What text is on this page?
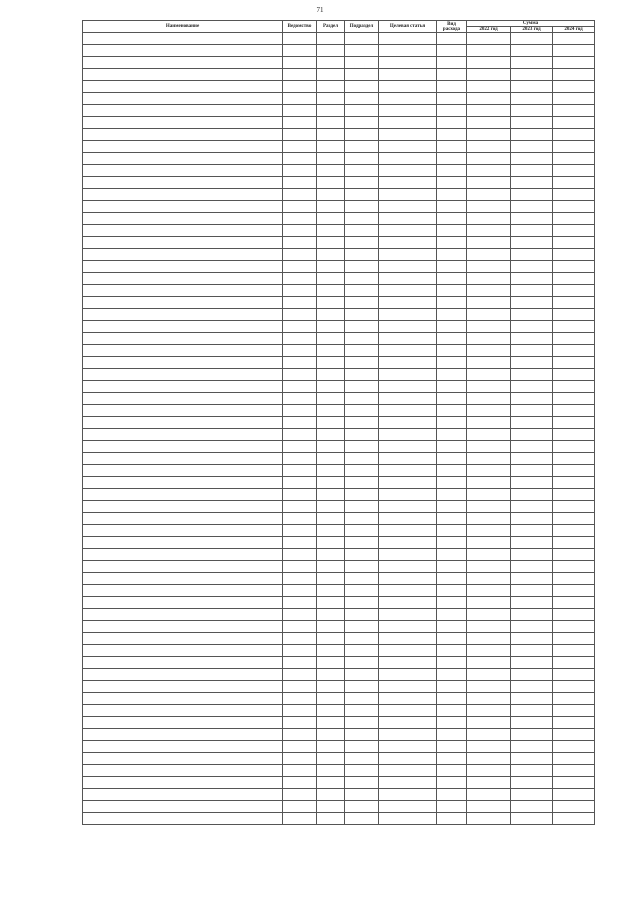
71
Наименование	Ведомство	Раздел	Подраздел	Целевая статья	Вид расхода	Сумма		
						2022 год	2023 год	2024 год
